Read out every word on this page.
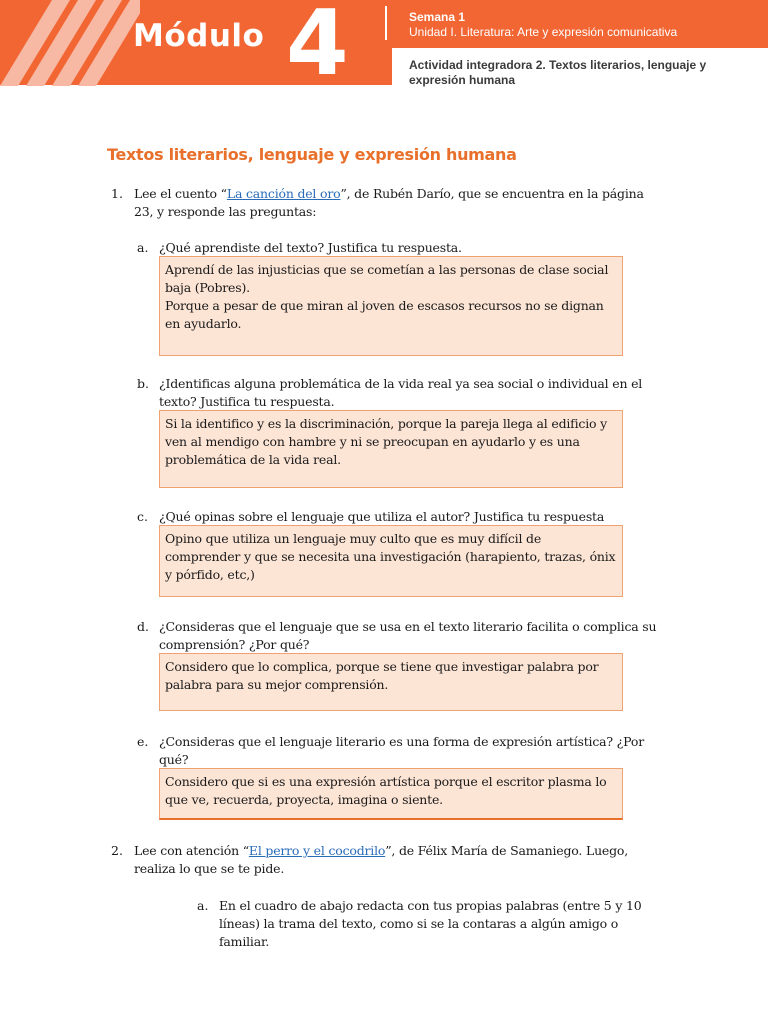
Módulo 4	Semana 1
Unidad I. Literatura: Arte y expresión comunicativa
Actividad integradora 2. Textos literarios, lenguaje y expresión humana
Textos literarios, lenguaje y expresión humana
1. Lee el cuento “La canción del oro”, de Rubén Darío, que se encuentra en la página 23, y responde las preguntas:
a. ¿Qué aprendiste del texto? Justifica tu respuesta.

Aprendí de las injusticias que se cometían a las personas de clase social baja (Pobres).

Porque a pesar de que miran al joven de escasos recursos no se dignan en ayudarlo.

b. ¿Identificas alguna problemática de la vida real ya sea social o individual en el texto? Justifica tu respuesta.

Si la identifico y es la discriminación, porque la pareja llega al edificio y ven al mendigo con hambre y ni se preocupan en ayudarlo y es una problemática de la vida real.

c. ¿Qué opinas sobre el lenguaje que utiliza el autor? Justifica tu respuesta

Opino que utiliza un lenguaje muy culto que es muy difícil de comprender y que se necesita una investigación (harapiento, trazas, ónix y pórfido, etc,)

d. ¿Consideras que el lenguaje que se usa en el texto literario facilita o complica su comprensión? ¿Por qué?

Considero que lo complica, porque se tiene que investigar palabra por palabra para su mejor comprensión.

e. ¿Consideras que el lenguaje literario es una forma de expresión artística? ¿Por qué?

Considero que si es una expresión artística porque el escritor plasma lo que ve, recuerda, proyecta, imagina o siente.

2. Lee con atención “El perro y el cocodrilo”, de Félix María de Samaniego. Luego, realiza lo que se te pide.
a. En el cuadro de abajo redacta con tus propias palabras (entre 5 y 10 líneas) la trama del texto, como si se la contaras a algún amigo o familiar.
